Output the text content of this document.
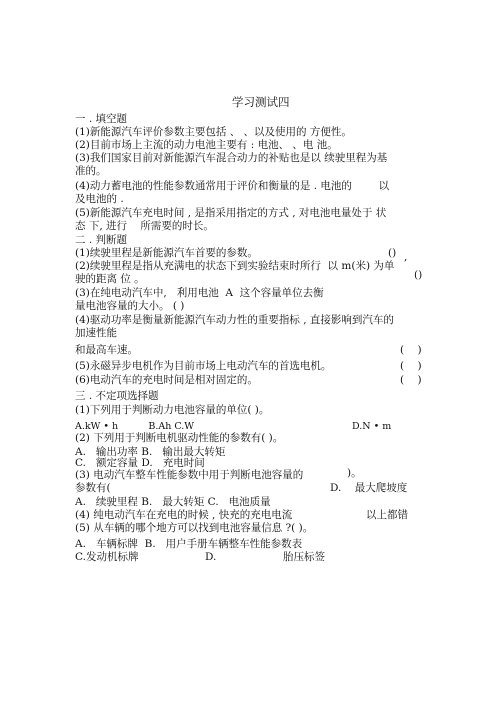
学习测试四
一 . 填空题
(1)新能源汽车评价参数主要包括 、 、以及使用的 方便性。
(2)目前市场上主流的动力电池主要有 : 电池、 、电 池。
(3)我们国家目前对新能源汽车混合动力的补贴也是以 续驶里程为基
准的。
(4)动力蓄电池的性能参数通常用于评价和衡量的是 . 电池的        以
及电池的 .
(5)新能源汽车充电时间 , 是指采用指定的方式 , 对电池电量处于 状
态 下, 进行    所需要的时长。
二 . 判断题
(1)续驶里程是新能源汽车首要的参数。	() ,
(2)续驶里程是指从充满电的状态下到实验结束时所行  以 m(米) 为单
驶的距离 位 。	()
(3)在纯电动汽车中,   利用电池  A  这个容量单位去衡
量电池容量的大小。 ( )
(4)驱动功率是衡量新能源汽车动力性的重要指标 , 直接影响到汽车的
加速性能
和最高车速。	(    )
(5)永磁异步电机作为目前市场上电动汽车的首选电机。	(    )
(6)电动汽车的充电时间是相对固定的。	(    )
三 . 不定项选择题
(1)下列用于判断动力电池容量的单位( )。
A.kW • h          B.Ah C.W	D.N • m
(2) 下列用于判断电机驱动性能的参数有( )。
A.   输出功率 B.   输出最大转矩
C.   额定容量 D.   充电时间
(3) 电动汽车整车性能参数中用于判断电池容量的	)。
参数有(	D.    最大爬坡度
A.   续驶里程 B.   最大转矩 C.   电池质量
(4) 纯电动汽车在充电的时候 , 快充的充电电流	以上都错
(5) 从车辆的哪个地方可以找到电池容量信息 ?( )。
A.   车辆标牌  B.   用户手册车辆整车性能参数表
C.发动机标牌	D.	胎压标签
